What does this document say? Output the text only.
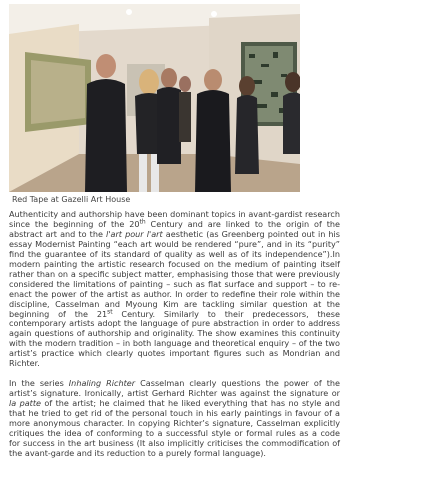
Red Tape at Gazelli Art House

Authenticity and authorship have been dominant topics in avant-gardist research since the beginning of the 20th Century and are linked to the origin of the abstract art and to the l'art pour l'art aesthetic (as Greenberg pointed out in his essay Modernist Painting “each art would be rendered “pure”, and in its “purity” find the guarantee of its standard of quality as well as of its independence”).In modern painting the artistic research focused on the medium of painting itself rather than on a specific subject matter, emphasising those that were previously considered the limitations of painting – such as flat surface and support – to re-enact the power of the artist as author. In order to redefine their role within the discipline, Casselman and Myoung Kim are tackling similar question at the beginning of the 21st Century. Similarly to their predecessors, these contemporary artists adopt the language of pure abstraction in order to address again questions of authorship and originality. The show examines this continuity with the modern tradition – in both language and theoretical enquiry – of the two artist’s practice which clearly quotes important figures such as Mondrian and Richter.

In the series Inhaling Richter Casselman clearly questions the power of the artist’s signature. Ironically, artist Gerhard Richter was against the signature or la patte of the artist; he claimed that he liked everything that has no style and that he tried to get rid of the personal touch in his early paintings in favour of a more anonymous character. In copying Richter’s signature, Casselman explicitly critiques the idea of conforming to a successful style or formal rules as a code for success in the art business (It also implicitly criticises the commodification of the avant-garde and its reduction to a purely formal language).
